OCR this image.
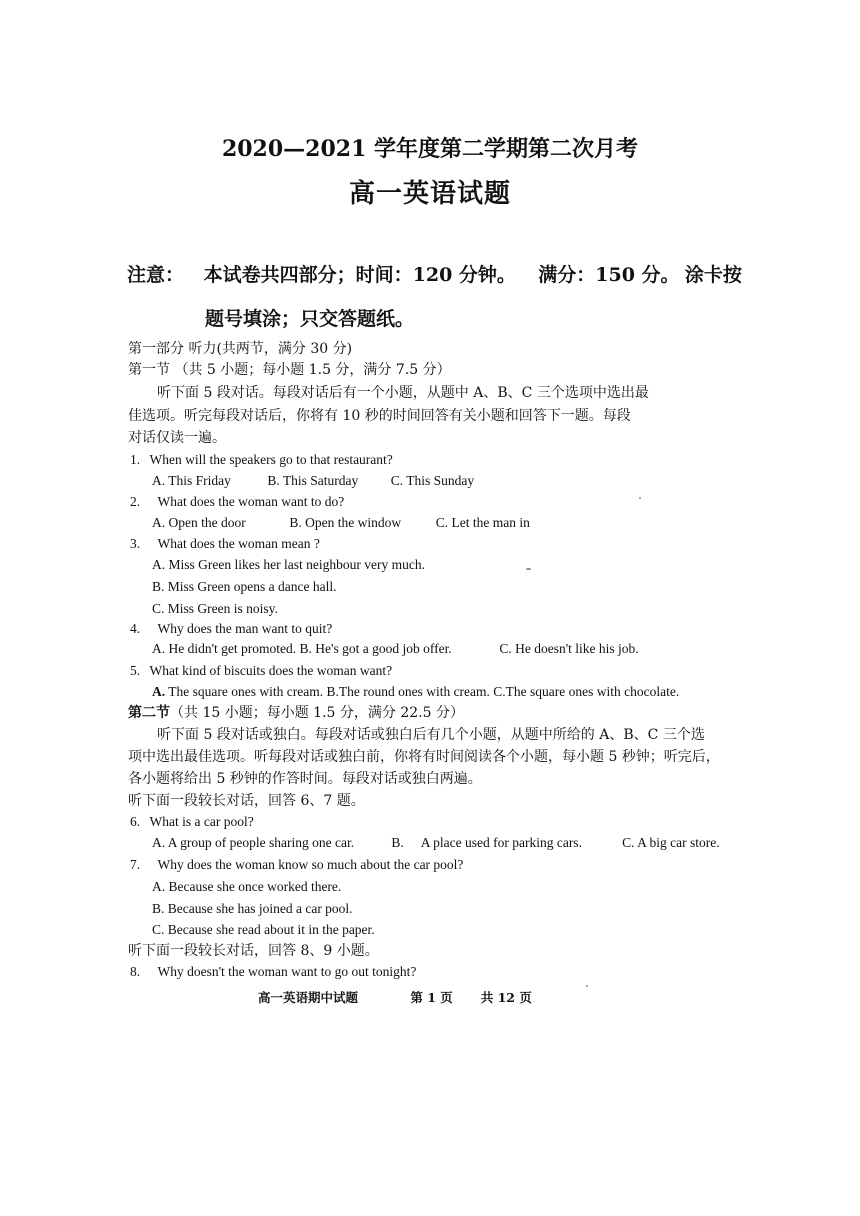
2020—2021 学年度第二学期第二次月考
高一英语试题
注意： 本试卷共四部分；时间：120 分钟。 满分：150 分。 涂卡按
题号填涂；只交答题纸。
第一部分 听力(共两节，满分 30 分)
第一节 （共 5 小题；每小题 1.5 分，满分 7.5 分）
听下面 5 段对话。每段对话后有一个小题，从题中 A、B、C 三个选项中选出最
佳选项。听完每段对话后，你将有 10 秒的时间回答有关小题和回答下一题。每段
对话仅读一遍。
1. When will the speakers go to that restaurant?
A. This Friday	B. This Saturday C. This Sunday
2. What does the woman want to do?
A. Open the door	B. Open the window	C. Let the man in
3. What does the woman mean ?
A. Miss Green likes her last neighbour very much.
B. Miss Green opens a dance hall.
C. Miss Green is noisy.
4. Why does the man want to quit?
A. He didn't get promoted. B. He's got a good job offer.	C. He doesn't like his job.
5. What kind of biscuits does the woman want?
A. The square ones with cream. B.The round ones with cream. C.The square ones with chocolate.
第二节（共 15 小题；每小题 1.5 分，满分 22.5 分）
听下面 5 段对话或独白。每段对话或独白后有几个小题，从题中所给的 A、B、C 三个选
项中选出最佳选项。听每段对话或独白前，你将有时间阅读各个小题，每小题 5 秒钟；听完后，
各小题将给出 5 秒钟的作答时间。每段对话或独白两遍。
听下面一段较长对话，回答 6、7 题。
6. What is a car pool?
A. A group of people sharing one car.	B. A place used for parking cars.	C. A big car store.
7. Why does the woman know so much about the car pool?
A. Because she once worked there.
B. Because she has joined a car pool.
C. Because she read about it in the paper.
听下面一段较长对话，回答 8、9 小题。
8. Why doesn't the woman want to go out tonight?
高一英语期中试题	第 1 页 共 12 页
